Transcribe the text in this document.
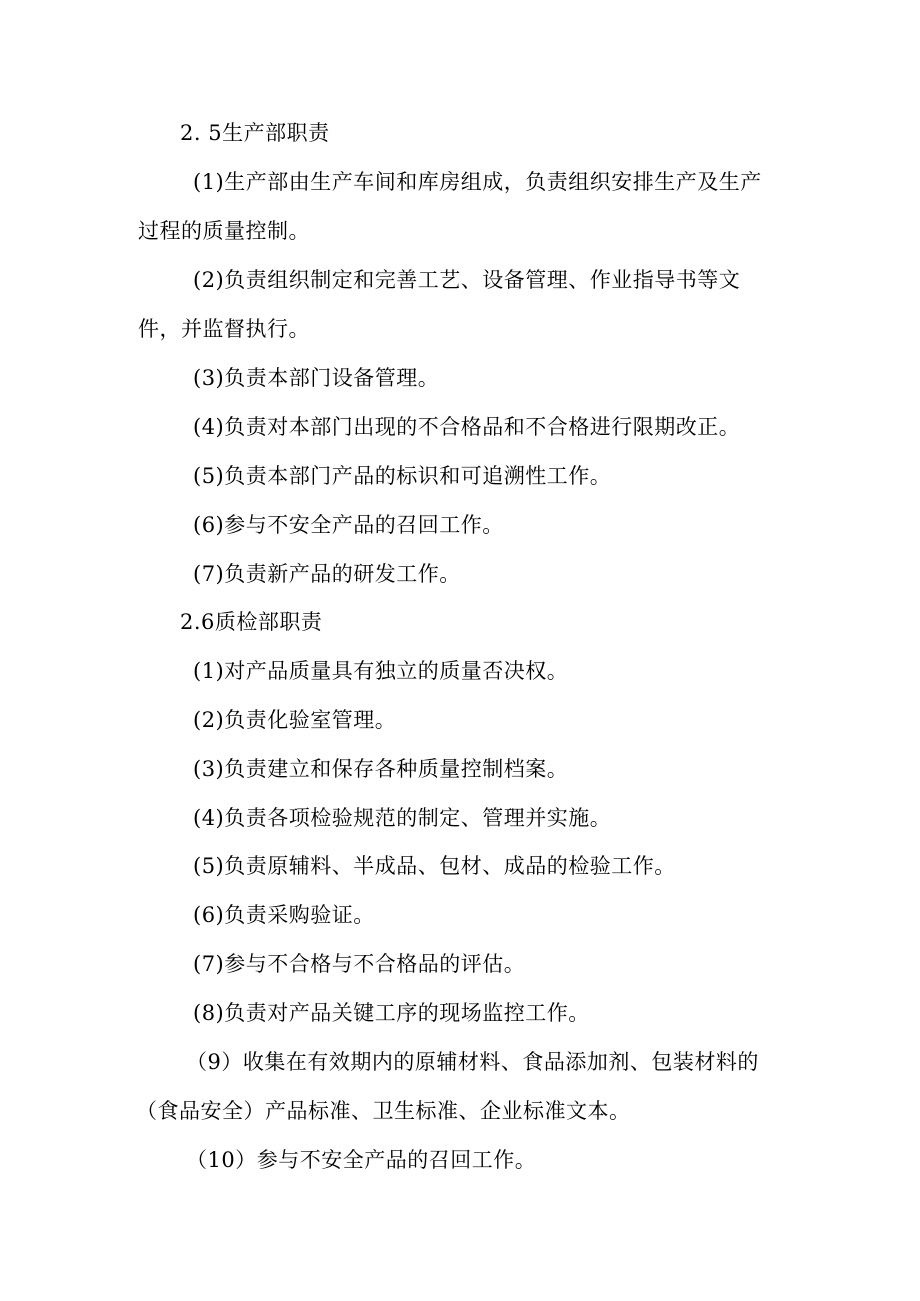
2. 5生产部职责
(1)生产部由生产车间和库房组成，负责组织安排生产及生产
过程的质量控制。
(2)负责组织制定和完善工艺、设备管理、作业指导书等文
件，并监督执行。
(3)负责本部门设备管理。
(4)负责对本部门出现的不合格品和不合格进行限期改正。
(5)负责本部门产品的标识和可追溯性工作。
(6)参与不安全产品的召回工作。
(7)负责新产品的研发工作。
2.6质检部职责
(1)对产品质量具有独立的质量否决权。
(2)负责化验室管理。
(3)负责建立和保存各种质量控制档案。
(4)负责各项检验规范的制定、管理并实施。
(5)负责原辅料、半成品、包材、成品的检验工作。
(6)负责采购验证。
(7)参与不合格与不合格品的评估。
(8)负责对产品关键工序的现场监控工作。
（9）收集在有效期内的原辅材料、食品添加剂、包装材料的
（食品安全）产品标准、卫生标准、企业标准文本。
（10）参与不安全产品的召回工作。
